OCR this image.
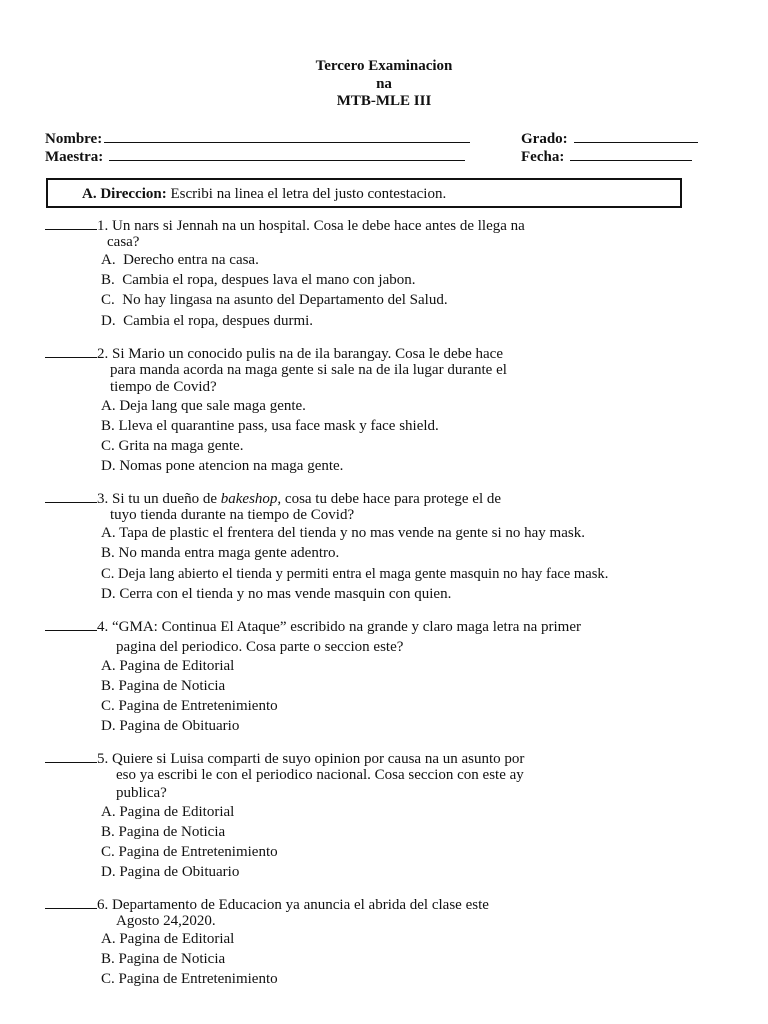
Tercero Examinacion
na
MTB-MLE III
Nombre:	Grado:
Maestra:	Fecha:
A. Direccion: Escribi na linea el letra del justo contestacion.
1. Un nars si Jennah na un hospital. Cosa le debe hace antes de llega na
casa?
A. Derecho entra na casa.
B. Cambia el ropa, despues lava el mano con jabon.
C. No hay lingasa na asunto del Departamento del Salud.
D. Cambia el ropa, despues durmi.
2. Si Mario un conocido pulis na de ila barangay. Cosa le debe hace
para manda acorda na maga gente si sale na de ila lugar durante el
tiempo de Covid?
A. Deja lang que sale maga gente.
B. Lleva el quarantine pass, usa face mask y face shield.
C. Grita na maga gente.
D. Nomas pone atencion na maga gente.
3. Si tu un dueño de bakeshop, cosa tu debe hace para protege el de
tuyo tienda durante na tiempo de Covid?
A. Tapa de plastic el frentera del tienda y no mas vende na gente si no hay mask.
B. No manda entra maga gente adentro.
C. Deja lang abierto el tienda y permiti entra el maga gente masquin no hay face mask.
D. Cerra con el tienda y no mas vende masquin con quien.
4. “GMA: Continua El Ataque” escribido na grande y claro maga letra na primer
pagina del periodico. Cosa parte o seccion este?
A. Pagina de Editorial
B. Pagina de Noticia
C. Pagina de Entretenimiento
D. Pagina de Obituario
5. Quiere si Luisa comparti de suyo opinion por causa na un asunto por
eso ya escribi le con el periodico nacional. Cosa seccion con este ay
publica?
A. Pagina de Editorial
B. Pagina de Noticia
C. Pagina de Entretenimiento
D. Pagina de Obituario
6. Departamento de Educacion ya anuncia el abrida del clase este
Agosto 24,2020.
A. Pagina de Editorial
B. Pagina de Noticia
C. Pagina de Entretenimiento
